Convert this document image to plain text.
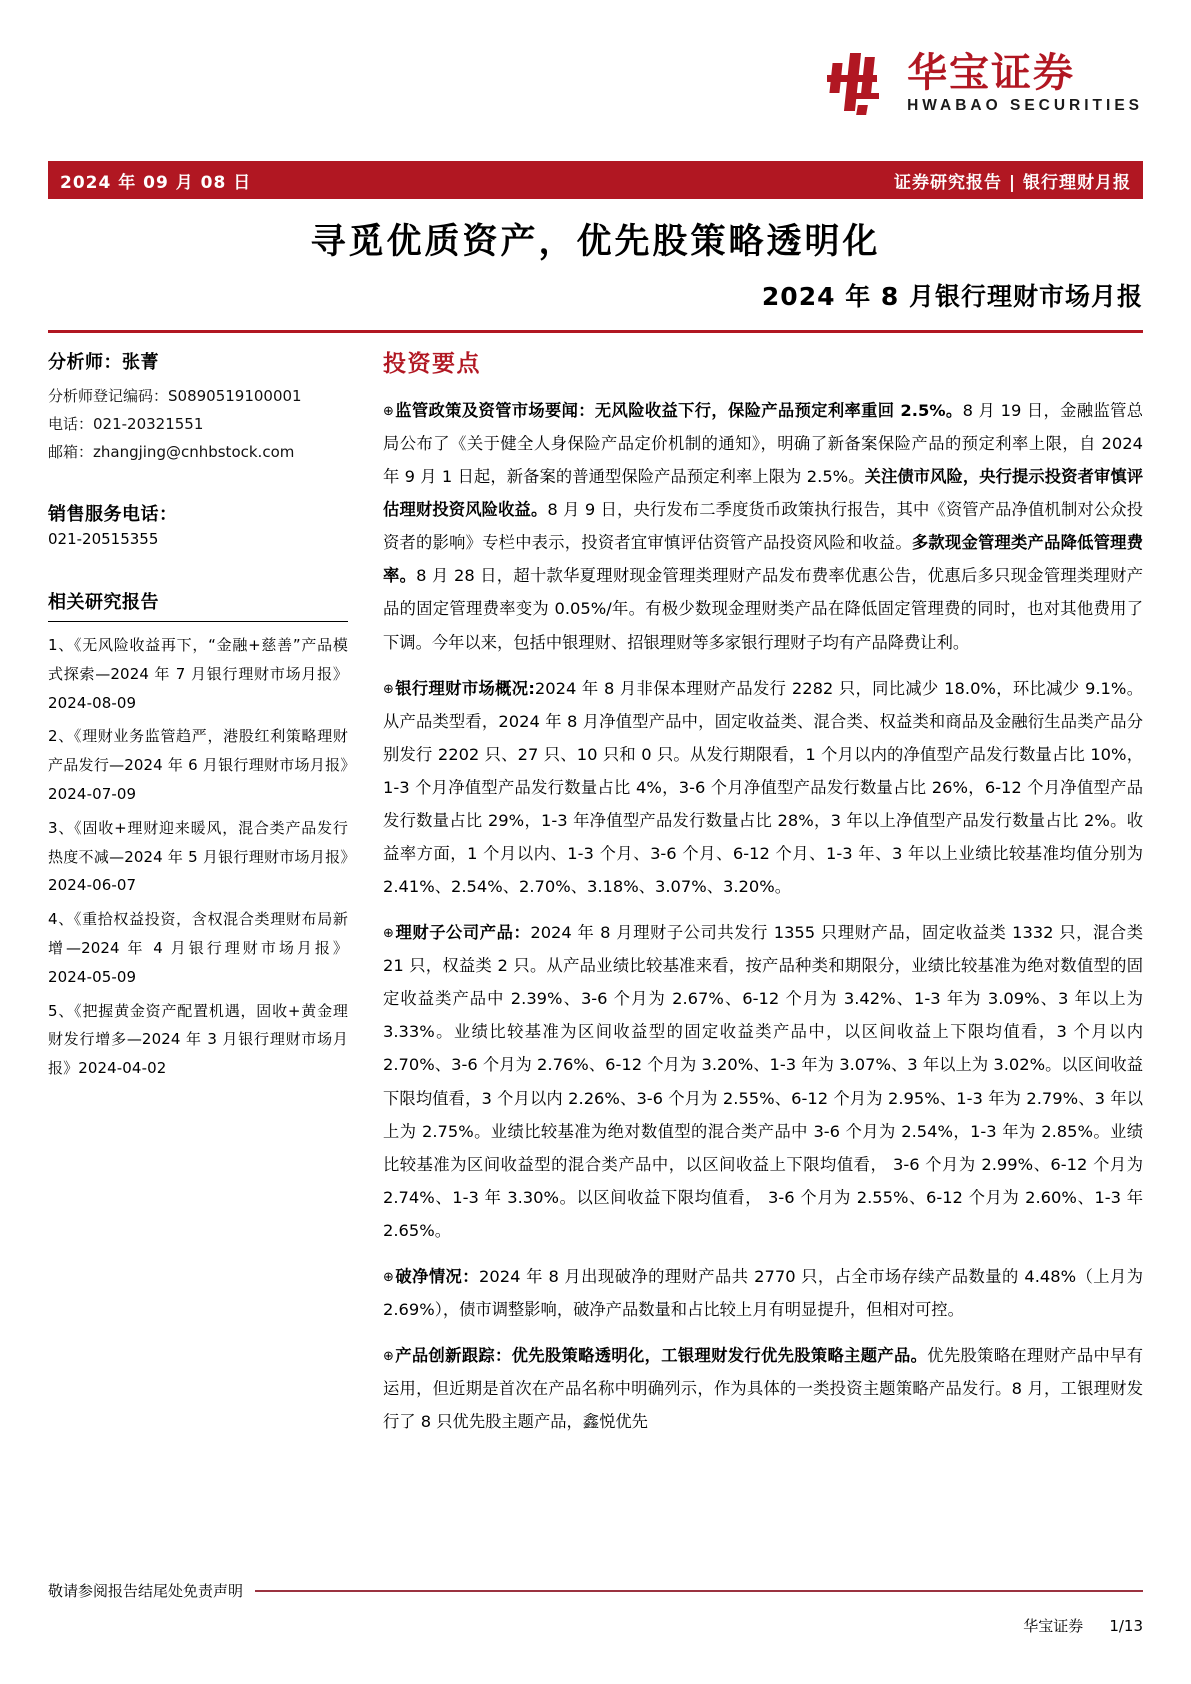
华宝证券
HWABAO SECURITIES
2024 年 09 月 08 日	证券研究报告 | 银行理财月报
寻觅优质资产，优先股策略透明化
2024 年 8 月银行理财市场月报
分析师：张菁
分析师登记编码：S0890519100001
电话：021-20321551
邮箱：zhangjing@cnhbstock.com
销售服务电话：
021-20515355
相关研究报告
1、《无风险收益再下，“金融+慈善”产品模式探索—2024 年 7 月银行理财市场月报》2024-08-09
2、《理财业务监管趋严，港股红利策略理财产品发行—2024 年 6 月银行理财市场月报》2024-07-09
3、《固收+理财迎来暖风，混合类产品发行热度不减—2024 年 5 月银行理财市场月报》2024-06-07
4、《重拾权益投资，含权混合类理财布局新增—2024 年 4 月银行理财市场月报》2024-05-09
5、《把握黄金资产配置机遇，固收+黄金理财发行增多—2024 年 3 月银行理财市场月报》2024-04-02
投资要点
⊕监管政策及资管市场要闻：无风险收益下行，保险产品预定利率重回 2.5%。8 月 19 日，金融监管总局公布了《关于健全人身保险产品定价机制的通知》，明确了新备案保险产品的预定利率上限，自 2024 年 9 月 1 日起，新备案的普通型保险产品预定利率上限为 2.5%。关注债市风险，央行提示投资者审慎评估理财投资风险收益。8 月 9 日，央行发布二季度货币政策执行报告，其中《资管产品净值机制对公众投资者的影响》专栏中表示，投资者宜审慎评估资管产品投资风险和收益。多款现金管理类产品降低管理费率。8 月 28 日，超十款华夏理财现金管理类理财产品发布费率优惠公告，优惠后多只现金管理类理财产品的固定管理费率变为 0.05%/年。有极少数现金理财类产品在降低固定管理费的同时，也对其他费用了下调。今年以来，包括中银理财、招银理财等多家银行理财子均有产品降费让利。
⊕银行理财市场概况:2024 年 8 月非保本理财产品发行 2282 只，同比减少 18.0%，环比减少 9.1%。从产品类型看，2024 年 8 月净值型产品中，固定收益类、混合类、权益类和商品及金融衍生品类产品分别发行 2202 只、27 只、10 只和 0 只。从发行期限看，1 个月以内的净值型产品发行数量占比 10%，1-3 个月净值型产品发行数量占比 4%，3-6 个月净值型产品发行数量占比 26%，6-12 个月净值型产品发行数量占比 29%，1-3 年净值型产品发行数量占比 28%，3 年以上净值型产品发行数量占比 2%。收益率方面，1 个月以内、1-3 个月、3-6 个月、6-12 个月、1-3 年、3 年以上业绩比较基准均值分别为 2.41%、2.54%、2.70%、3.18%、3.07%、3.20%。
⊕理财子公司产品：2024 年 8 月理财子公司共发行 1355 只理财产品，固定收益类 1332 只，混合类 21 只，权益类 2 只。从产品业绩比较基准来看，按产品种类和期限分，业绩比较基准为绝对数值型的固定收益类产品中 2.39%、3-6 个月为 2.67%、6-12 个月为 3.42%、1-3 年为 3.09%、3 年以上为 3.33%。业绩比较基准为区间收益型的固定收益类产品中，以区间收益上下限均值看，3 个月以内 2.70%、3-6 个月为 2.76%、6-12 个月为 3.20%、1-3 年为 3.07%、3 年以上为 3.02%。以区间收益下限均值看，3 个月以内 2.26%、3-6 个月为 2.55%、6-12 个月为 2.95%、1-3 年为 2.79%、3 年以上为 2.75%。业绩比较基准为绝对数值型的混合类产品中 3-6 个月为 2.54%，1-3 年为 2.85%。业绩比较基准为区间收益型的混合类产品中，以区间收益上下限均值看， 3-6 个月为 2.99%、6-12 个月为 2.74%、1-3 年 3.30%。以区间收益下限均值看， 3-6 个月为 2.55%、6-12 个月为 2.60%、1-3 年 2.65%。
⊕破净情况：2024 年 8 月出现破净的理财产品共 2770 只，占全市场存续产品数量的 4.48%（上月为 2.69%），债市调整影响，破净产品数量和占比较上月有明显提升，但相对可控。
⊕产品创新跟踪：优先股策略透明化，工银理财发行优先股策略主题产品。优先股策略在理财产品中早有运用，但近期是首次在产品名称中明确列示，作为具体的一类投资主题策略产品发行。8 月，工银理财发行了 8 只优先股主题产品，鑫悦优先
敬请参阅报告结尾处免责声明
华宝证券 1/13
